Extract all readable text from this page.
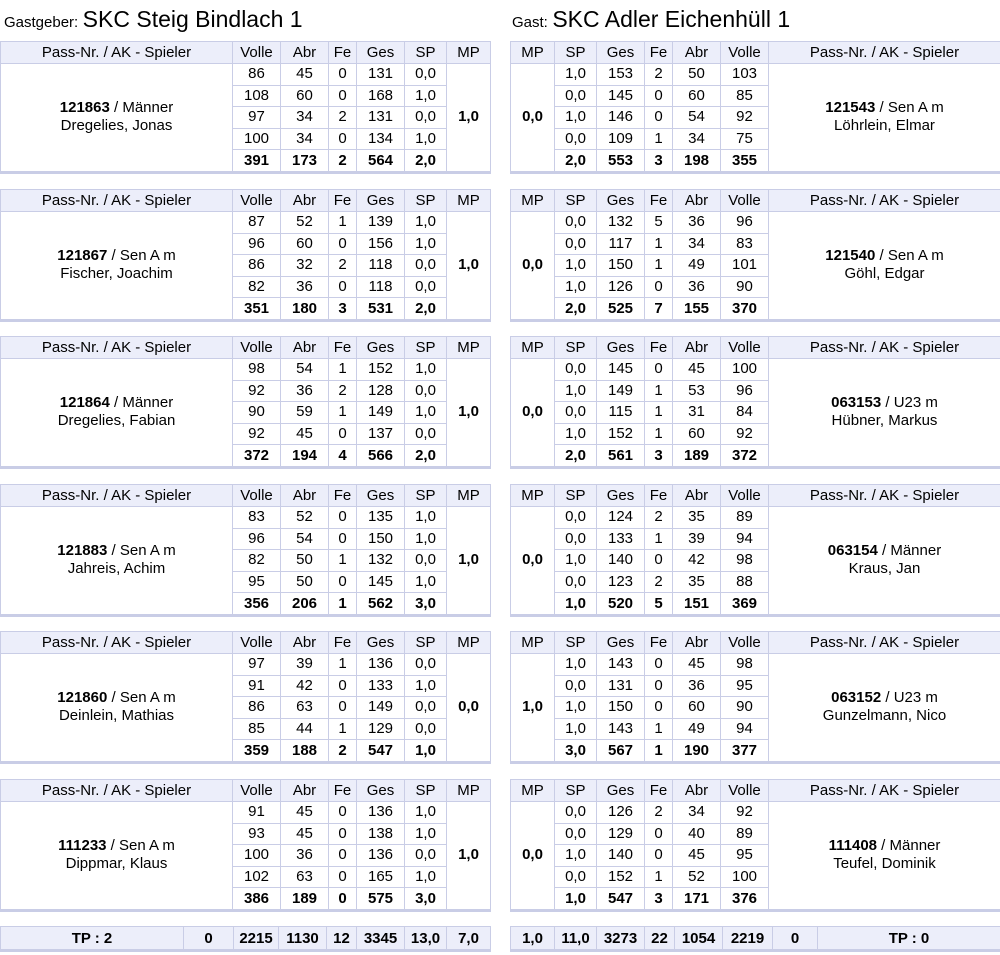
Gastgeber: SKC Steig Bindlach 1	Gast: SKC Adler Eichenhüll 1
Pass-Nr. / AK - Spieler	Volle	Abr	Fe	Ges	SP	MP
121863 / Männer
Dregelies, Jonas	86	45	0	131	0,0	1,0
	108	60	0	168	1,0	
	97	34	2	131	0,0	
	100	34	0	134	1,0	
	391	173	2	564	2,0	
MP	SP	Ges	Fe	Abr	Volle	Pass-Nr. / AK - Spieler
0,0	1,0	153	2	50	103	121543 / Sen A m
Löhrlein, Elmar
	0,0	145	0	60	85	
	1,0	146	0	54	92	
	0,0	109	1	34	75	
	2,0	553	3	198	355	
Pass-Nr. / AK - Spieler	Volle	Abr	Fe	Ges	SP	MP
121867 / Sen A m
Fischer, Joachim	87	52	1	139	1,0	1,0
	96	60	0	156	1,0	
	86	32	2	118	0,0	
	82	36	0	118	0,0	
	351	180	3	531	2,0	
MP	SP	Ges	Fe	Abr	Volle	Pass-Nr. / AK - Spieler
0,0	0,0	132	5	36	96	121540 / Sen A m
Göhl, Edgar
	0,0	117	1	34	83	
	1,0	150	1	49	101	
	1,0	126	0	36	90	
	2,0	525	7	155	370	
Pass-Nr. / AK - Spieler	Volle	Abr	Fe	Ges	SP	MP
121864 / Männer
Dregelies, Fabian	98	54	1	152	1,0	1,0
	92	36	2	128	0,0	
	90	59	1	149	1,0	
	92	45	0	137	0,0	
	372	194	4	566	2,0	
MP	SP	Ges	Fe	Abr	Volle	Pass-Nr. / AK - Spieler
0,0	0,0	145	0	45	100	063153 / U23 m
Hübner, Markus
	1,0	149	1	53	96	
	0,0	115	1	31	84	
	1,0	152	1	60	92	
	2,0	561	3	189	372	
Pass-Nr. / AK - Spieler	Volle	Abr	Fe	Ges	SP	MP
121883 / Sen A m
Jahreis, Achim	83	52	0	135	1,0	1,0
	96	54	0	150	1,0	
	82	50	1	132	0,0	
	95	50	0	145	1,0	
	356	206	1	562	3,0	
MP	SP	Ges	Fe	Abr	Volle	Pass-Nr. / AK - Spieler
0,0	0,0	124	2	35	89	063154 / Männer
Kraus, Jan
	0,0	133	1	39	94	
	1,0	140	0	42	98	
	0,0	123	2	35	88	
	1,0	520	5	151	369	
Pass-Nr. / AK - Spieler	Volle	Abr	Fe	Ges	SP	MP
121860 / Sen A m
Deinlein, Mathias	97	39	1	136	0,0	0,0
	91	42	0	133	1,0	
	86	63	0	149	0,0	
	85	44	1	129	0,0	
	359	188	2	547	1,0	
MP	SP	Ges	Fe	Abr	Volle	Pass-Nr. / AK - Spieler
1,0	1,0	143	0	45	98	063152 / U23 m
Gunzelmann, Nico
	0,0	131	0	36	95	
	1,0	150	0	60	90	
	1,0	143	1	49	94	
	3,0	567	1	190	377	
Pass-Nr. / AK - Spieler	Volle	Abr	Fe	Ges	SP	MP
111233 / Sen A m
Dippmar, Klaus	91	45	0	136	1,0	1,0
	93	45	0	138	1,0	
	100	36	0	136	0,0	
	102	63	0	165	1,0	
	386	189	0	575	3,0	
MP	SP	Ges	Fe	Abr	Volle	Pass-Nr. / AK - Spieler
0,0	0,0	126	2	34	92	111408 / Männer
Teufel, Dominik
	0,0	129	0	40	89	
	1,0	140	0	45	95	
	0,0	152	1	52	100	
	1,0	547	3	171	376	
TP : 2	0	2215	1130	12	3345	13,0	7,0	1,0	11,0	3273	22	1054	2219	0	TP : 0
